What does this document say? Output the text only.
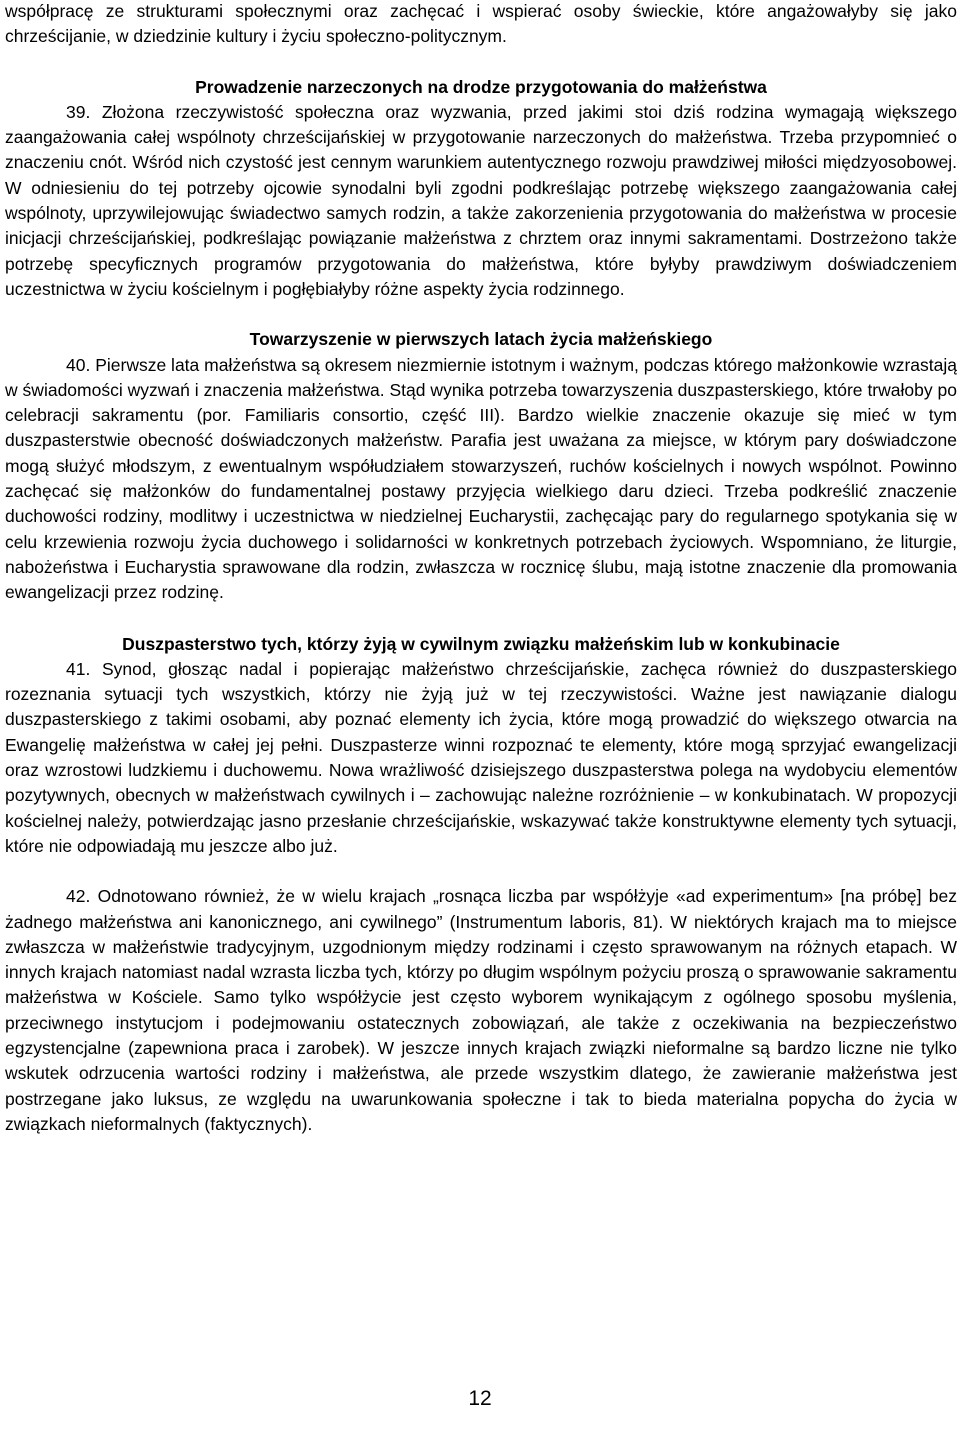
współpracę ze strukturami społecznymi oraz zachęcać i wspierać osoby świeckie, które angażowałyby się jako chrześcijanie, w dziedzinie kultury i życiu społeczno-politycznym.

Prowadzenie narzeczonych na drodze przygotowania do małżeństwa

39. Złożona rzeczywistość społeczna oraz wyzwania, przed jakimi stoi dziś rodzina wymagają większego zaangażowania całej wspólnoty chrześcijańskiej w przygotowanie narzeczonych do małżeństwa. Trzeba przypomnieć o znaczeniu cnót. Wśród nich czystość jest cennym warunkiem autentycznego rozwoju prawdziwej miłości międzyosobowej. W odniesieniu do tej potrzeby ojcowie synodalni byli zgodni podkreślając potrzebę większego zaangażowania całej wspólnoty, uprzywilejowując świadectwo samych rodzin, a także zakorzenienia przygotowania do małżeństwa w procesie inicjacji chrześcijańskiej, podkreślając powiązanie małżeństwa z chrztem oraz innymi sakramentami. Dostrzeżono także potrzebę specyficznych programów przygotowania do małżeństwa, które byłyby prawdziwym doświadczeniem uczestnictwa w życiu kościelnym i pogłębiałyby różne aspekty życia rodzinnego.

Towarzyszenie w pierwszych latach życia małżeńskiego

40. Pierwsze lata małżeństwa są okresem niezmiernie istotnym i ważnym, podczas którego małżonkowie wzrastają w świadomości wyzwań i znaczenia małżeństwa. Stąd wynika potrzeba towarzyszenia duszpasterskiego, które trwałoby po celebracji sakramentu (por. Familiaris consortio, część III). Bardzo wielkie znaczenie okazuje się mieć w tym duszpasterstwie obecność doświadczonych małżeństw. Parafia jest uważana za miejsce, w którym pary doświadczone mogą służyć młodszym, z ewentualnym współudziałem stowarzyszeń, ruchów kościelnych i nowych wspólnot. Powinno zachęcać się małżonków do fundamentalnej postawy przyjęcia wielkiego daru dzieci. Trzeba podkreślić znaczenie duchowości rodziny, modlitwy i uczestnictwa w niedzielnej Eucharystii, zachęcając pary do regularnego spotykania się w celu krzewienia rozwoju życia duchowego i solidarności w konkretnych potrzebach życiowych. Wspomniano, że liturgie, nabożeństwa i Eucharystia sprawowane dla rodzin, zwłaszcza w rocznicę ślubu, mają istotne znaczenie dla promowania ewangelizacji przez rodzinę.

Duszpasterstwo tych, którzy żyją w cywilnym związku małżeńskim lub w konkubinacie

41. Synod, głosząc nadal i popierając małżeństwo chrześcijańskie, zachęca również do duszpasterskiego rozeznania sytuacji tych wszystkich, którzy nie żyją już w tej rzeczywistości. Ważne jest nawiązanie dialogu duszpasterskiego z takimi osobami, aby poznać elementy ich życia, które mogą prowadzić do większego otwarcia na Ewangelię małżeństwa w całej jej pełni. Duszpasterze winni rozpoznać te elementy, które mogą sprzyjać ewangelizacji oraz wzrostowi ludzkiemu i duchowemu. Nowa wrażliwość dzisiejszego duszpasterstwa polega na wydobyciu elementów pozytywnych, obecnych w małżeństwach cywilnych i – zachowując należne rozróżnienie – w konkubinatach. W propozycji kościelnej należy, potwierdzając jasno przesłanie chrześcijańskie, wskazywać także konstruktywne elementy tych sytuacji, które nie odpowiadają mu jeszcze albo już.

42. Odnotowano również, że w wielu krajach „rosnąca liczba par współżyje «ad experimentum» [na próbę] bez żadnego małżeństwa ani kanonicznego, ani cywilnego” (Instrumentum laboris, 81). W niektórych krajach ma to miejsce zwłaszcza w małżeństwie tradycyjnym, uzgodnionym między rodzinami i często sprawowanym na różnych etapach. W innych krajach natomiast nadal wzrasta liczba tych, którzy po długim wspólnym pożyciu proszą o sprawowanie sakramentu małżeństwa w Kościele. Samo tylko współżycie jest często wyborem wynikającym z ogólnego sposobu myślenia, przeciwnego instytucjom i podejmowaniu ostatecznych zobowiązań, ale także z oczekiwania na bezpieczeństwo egzystencjalne (zapewniona praca i zarobek). W jeszcze innych krajach związki nieformalne są bardzo liczne nie tylko wskutek odrzucenia wartości rodziny i małżeństwa, ale przede wszystkim dlatego, że zawieranie małżeństwa jest postrzegane jako luksus, ze względu na uwarunkowania społeczne i tak to bieda materialna popycha do życia w związkach nieformalnych (faktycznych).

12
